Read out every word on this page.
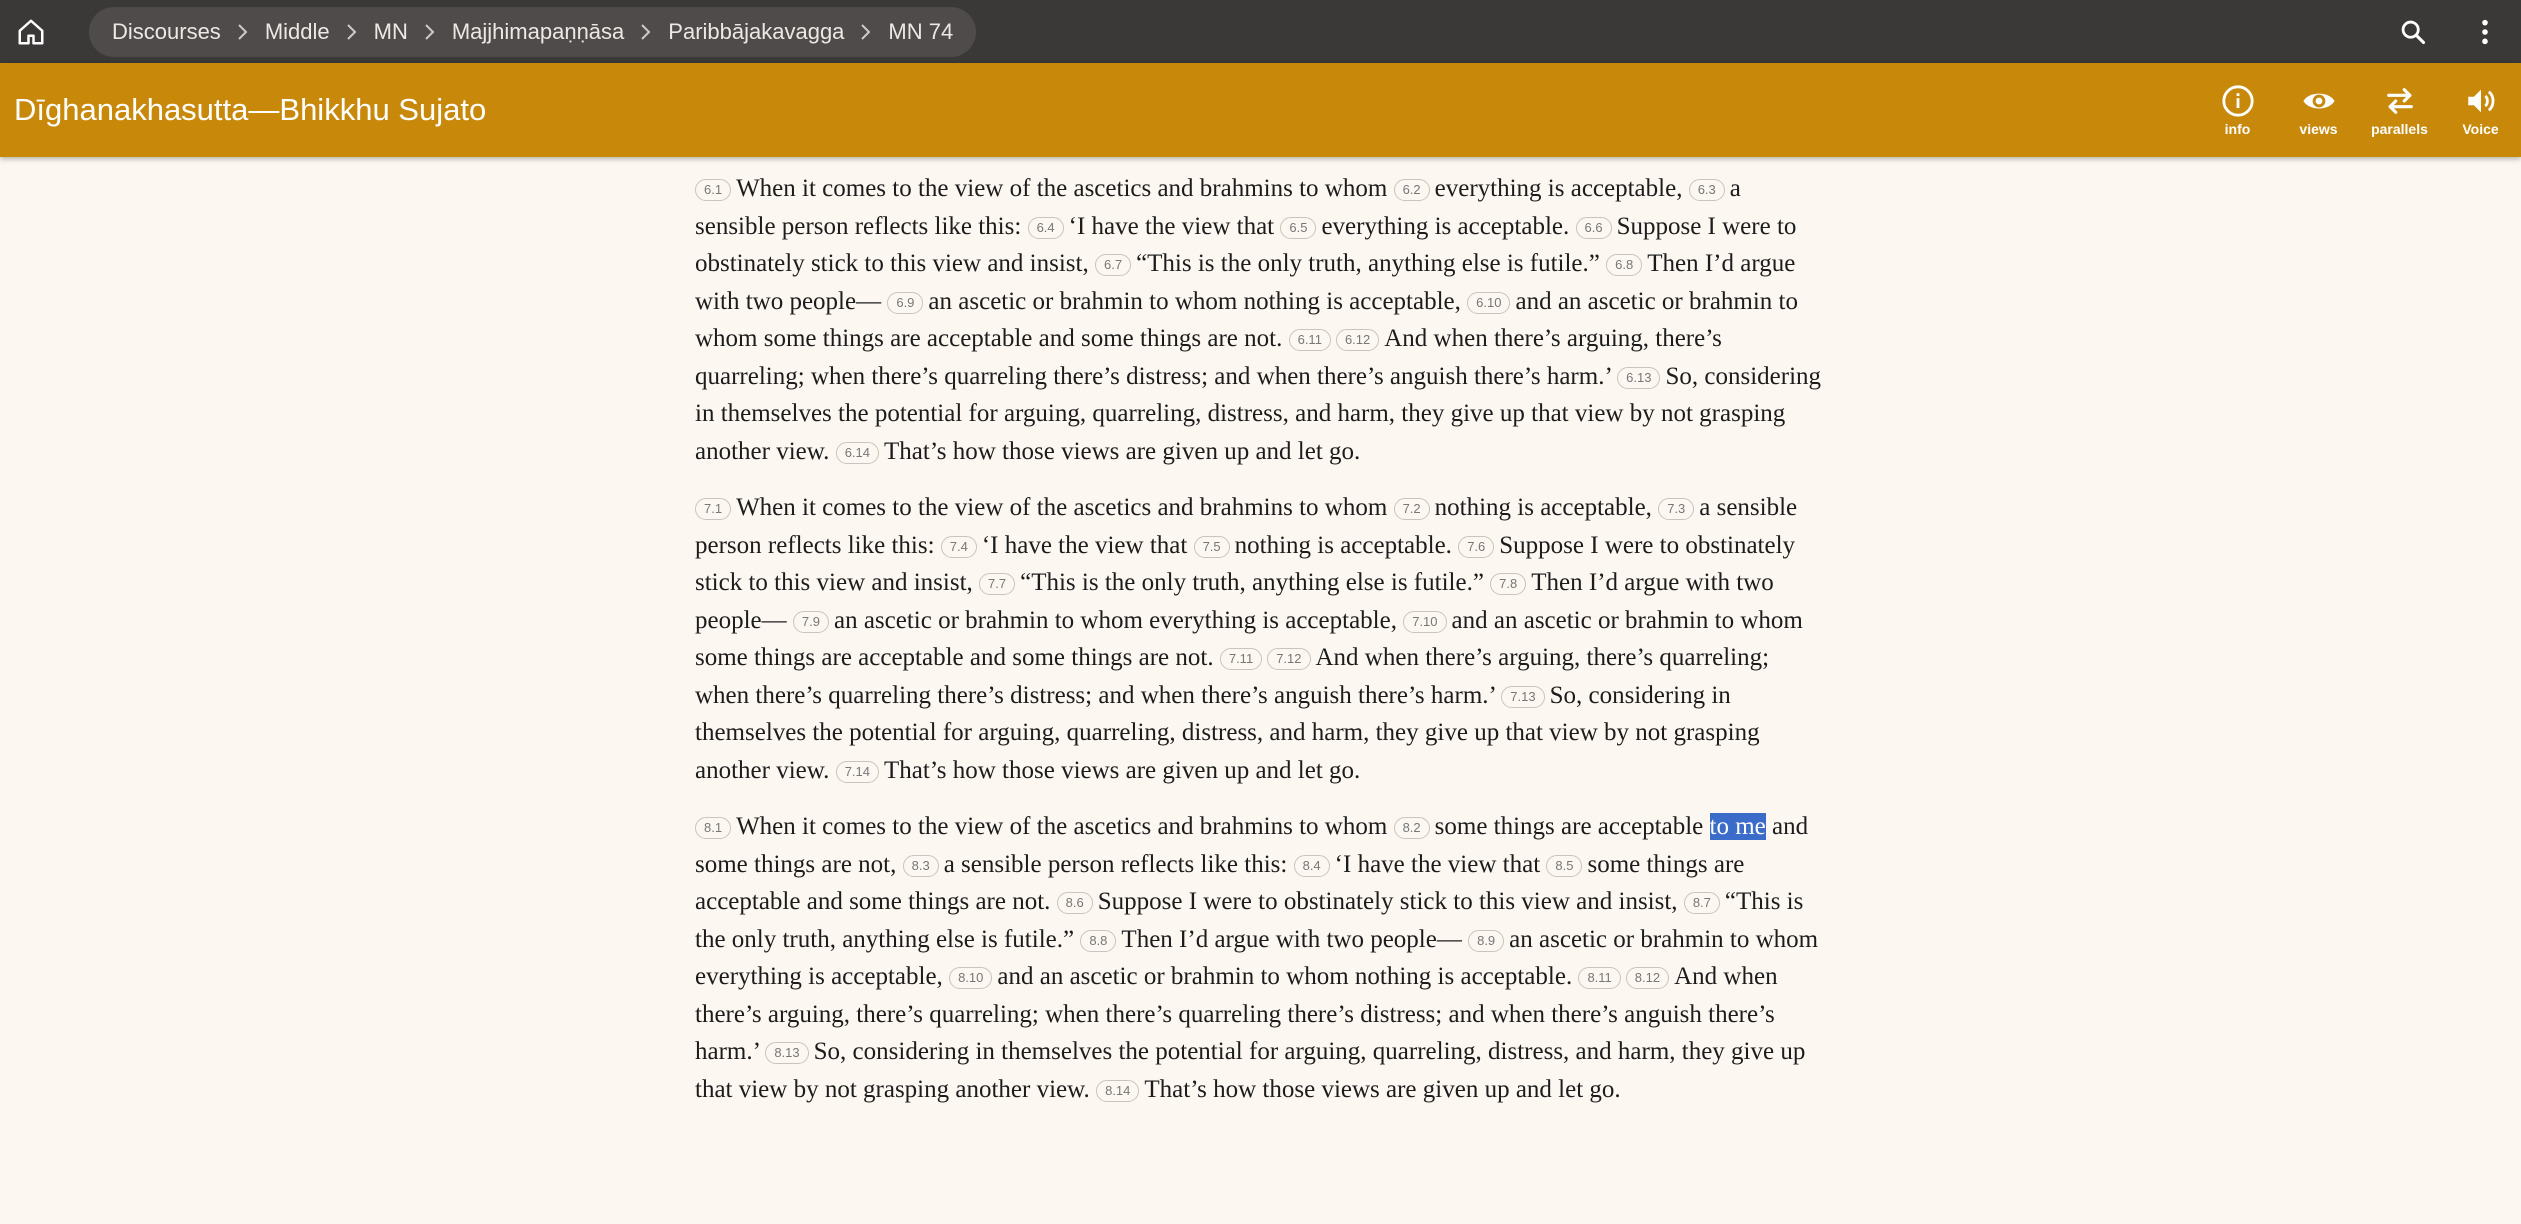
Discourses	Middle	MN	Majjhimapaṇṇāsa	Paribbājakavagga	MN 74
Dīghanakhasutta—Bhikkhu Sujato
info	views parallels Voice

6.1 When it comes to the view of the ascetics and brahmins to whom 6.2 everything is acceptable, 6.3 a sensible person reflects like this: 6.4 ‘I have the view that 6.5 everything is acceptable. 6.6 Suppose I were to obstinately stick to this view and insist, 6.7 “This is the only truth, anything else is futile.” 6.8 Then I’d argue with two people— 6.9 an ascetic or brahmin to whom nothing is acceptable, 6.10 and an ascetic or brahmin to whom some things are acceptable and some things are not. 6.11 6.12 And when there’s arguing, there’s quarreling; when there’s quarreling there’s distress; and when there’s anguish there’s harm.’ 6.13 So, considering in themselves the potential for arguing, quarreling, distress, and harm, they give up that view by not grasping another view. 6.14 That’s how those views are given up and let go.

7.1 When it comes to the view of the ascetics and brahmins to whom 7.2 nothing is acceptable, 7.3 a sensible person reflects like this: 7.4 ‘I have the view that 7.5 nothing is acceptable. 7.6 Suppose I were to obstinately stick to this view and insist, 7.7 “This is the only truth, anything else is futile.” 7.8 Then I’d argue with two people— 7.9 an ascetic or brahmin to whom everything is acceptable, 7.10 and an ascetic or brahmin to whom some things are acceptable and some things are not. 7.11 7.12 And when there’s arguing, there’s quarreling; when there’s quarreling there’s distress; and when there’s anguish there’s harm.’ 7.13 So, considering in themselves the potential for arguing, quarreling, distress, and harm, they give up that view by not grasping another view. 7.14 That’s how those views are given up and let go.

8.1 When it comes to the view of the ascetics and brahmins to whom 8.2 some things are acceptable to me and some things are not, 8.3 a sensible person reflects like this: 8.4 ‘I have the view that 8.5 some things are acceptable and some things are not. 8.6 Suppose I were to obstinately stick to this view and insist, 8.7 “This is the only truth, anything else is futile.” 8.8 Then I’d argue with two people— 8.9 an ascetic or brahmin to whom everything is acceptable, 8.10 and an ascetic or brahmin to whom nothing is acceptable. 8.11 8.12 And when there’s arguing, there’s quarreling; when there’s quarreling there’s distress; and when there’s anguish there’s harm.’ 8.13 So, considering in themselves the potential for arguing, quarreling, distress, and harm, they give up that view by not grasping another view. 8.14 That’s how those views are given up and let go.
